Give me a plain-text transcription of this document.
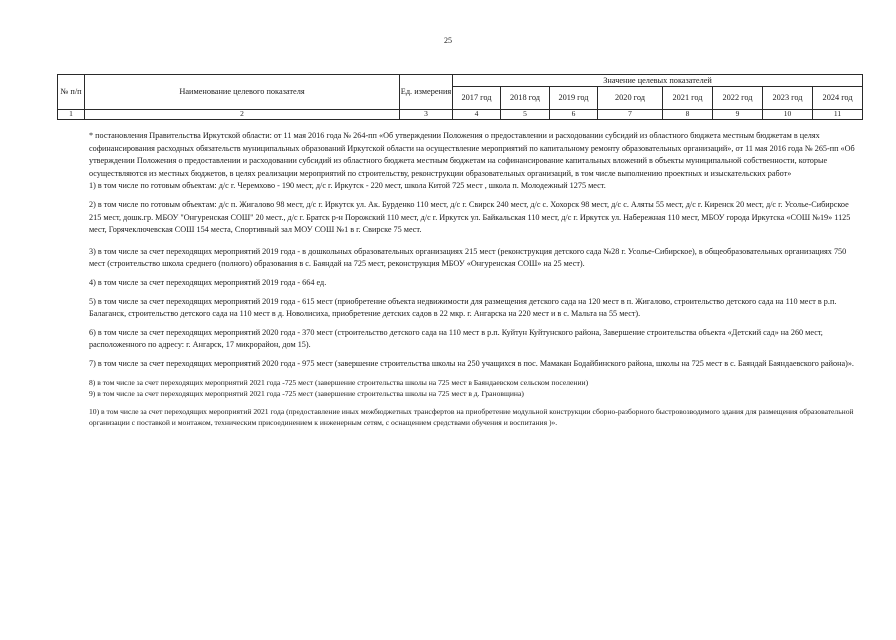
25
№ п/п	Наименование целевого показателя	Ед. измерения	Значение целевых показателей							
			2017 год	2018 год	2019 год	2020 год	2021 год	2022 год	2023 год	2024 год
1	2	3	4	5	6	7	8	9	10	11

* постановления Правительства Иркутской области: от 11 мая 2016 года № 264-пп «Об утверждении Положения о предоставлении и расходовании субсидий из областного бюджета местным бюджетам в целях софинансирования расходных обязательств муниципальных образований Иркутской области на осуществление мероприятий по капитальному ремонту образовательных организаций», от 11 мая 2016 года № 265-пп «Об утверждении Положения о предоставлении и расходовании субсидий из областного бюджета местным бюджетам на софинансирование капитальных вложений в объекты муниципальной собственности, которые осуществляются из местных бюджетов, в целях реализации мероприятий по строительству, реконструкции образовательных организаций, в том числе выполнению проектных и изыскательских работ»

1) в том числе по готовым объектам: д/с г. Черемхово - 190 мест, д/с г. Иркутск - 220 мест, школа Китой 725 мест , школа п. Молодежный 1275 мест.

2) в том числе по готовым объектам: д/с п. Жигалово 98 мест, д/с г. Иркутск ул. Ак. Бурденко 110 мест, д/с г. Свирск 240 мест, д/с с. Хохорск 98 мест, д/с с. Аляты 55 мест, д/с г. Киренск 20 мест, д/с г. Усолье-Сибирское 215 мест, дошк.гр. МБОУ "Онгуренская СОШ" 20 мест., д/с г. Братск р-н Порожский 110 мест, д/с г. Иркутск ул. Байкальская 110 мест, д/с г. Иркутск ул. Набережная 110 мест, МБОУ города Иркутска «СОШ №19» 1125 мест, Горячеключевская СОШ 154 места, Спортивный зал МОУ СОШ №1 в г. Свирске 75 мест.

3) в том числе за счет переходящих мероприятий 2019 года - в дошкольных образовательных организациях 215 мест (реконструкция детского сада №28 г. Усолье-Сибирское), в общеобразовательных организациях 750 мест (строительство школа среднего (полного) образования в с. Баяндай на 725 мест, реконструкция МБОУ «Онгуренская СОШ» на 25 мест).

4) в том числе за счет переходящих мероприятий 2019 года - 664 ед.

5) в том числе за счет переходящих мероприятий 2019 года - 615 мест (приобретение объекта недвижимости для размещения детского сада на 120 мест в п. Жигалово, строительство детского сада на 110 мест в р.п. Балаганск, строительство детского сада на 110 мест в д. Новолисиха, приобретение детских садов в 22 мкр. г. Ангарска на 220 мест и в с. Мальта на 55 мест).

6) в том числе за счет переходящих мероприятий 2020 года - 370 мест (строительство детского сада на 110 мест в р.п. Куйтун Куйтунского района, Завершение строительства объекта «Детский сад» на 260 мест, расположенного по адресу: г. Ангарск, 17 микрорайон, дом 15).

7) в том числе за счет переходящих мероприятий 2020 года - 975 мест (завершение строительства школы на 250 учащихся в пос. Мамакан Бодайбинского района, школы на 725 мест в с. Баяндай Баяндаевского района)».

8) в том числе за счет переходящих мероприятий 2021 года -725 мест (завершение строительства школы на 725 мест в Баяндаевском сельском поселении)

9) в том числе за счет переходящих мероприятий 2021 года -725 мест (завершение строительства школы на 725 мест в д. Грановщина)

10) в том числе за счет переходящих мероприятий 2021 года (предоставление иных межбюджетных трансфертов на приобретение модульной конструкции сборно-разборного быстровозводимого здания для размещения образовательной организации с поставкой и монтажом, техническим присоединением к инженерным сетям, с оснащением средствами обучения и воспитания )».
